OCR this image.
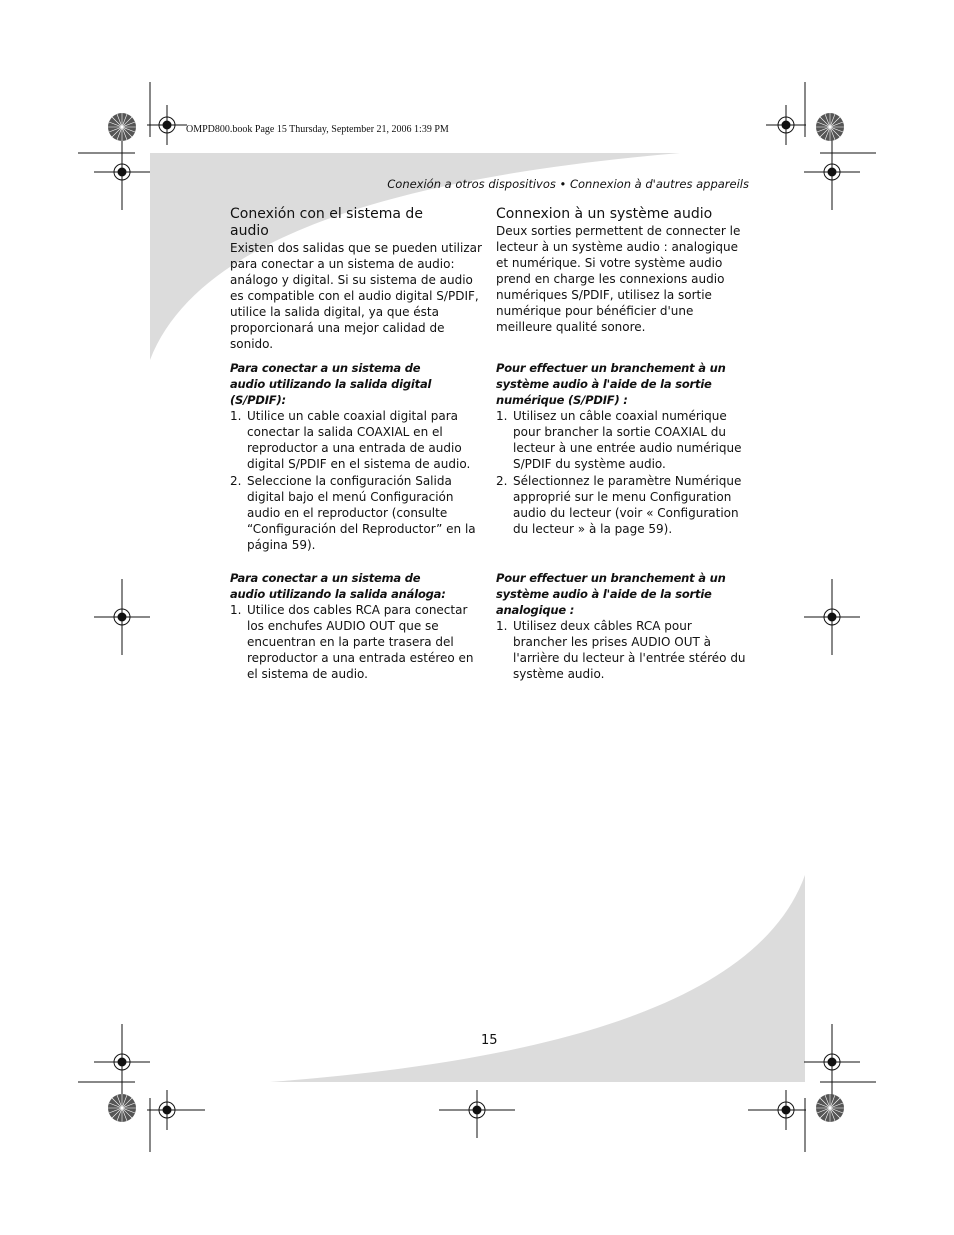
OMPD800.book Page 15 Thursday, September 21, 2006 1:39 PM
Conexión a otros dispositivos • Connexion à d'autres appareils
Conexión con el sistema de audio

Existen dos salidas que se pueden utilizar para conectar a un sistema de audio: análogo y digital. Si su sistema de audio es compatible con el audio digital S/PDIF, utilice la salida digital, ya que ésta proporcionará una mejor calidad de sonido.

Para conectar a un sistema de audio utilizando la salida digital (S/PDIF):

1. Utilice un cable coaxial digital para conectar la salida COAXIAL en el reproductor a una entrada de audio digital S/PDIF en el sistema de audio.
2. Seleccione la configuración Salida digital bajo el menú Configuración audio en el reproductor (consulte “Configuración del Reproductor” en la página 59).

Para conectar a un sistema de audio utilizando la salida análoga:

1. Utilice dos cables RCA para conectar los enchufes AUDIO OUT que se encuentran en la parte trasera del reproductor a una entrada estéreo en el sistema de audio.
Connexion à un système audio

Deux sorties permettent de connecter le lecteur à un système audio : analogique et numérique. Si votre système audio prend en charge les connexions audio numériques S/PDIF, utilisez la sortie numérique pour bénéficier d'une meilleure qualité sonore.

Pour effectuer un branchement à un système audio à l'aide de la sortie numérique (S/PDIF) :

1. Utilisez un câble coaxial numérique pour brancher la sortie COAXIAL du lecteur à une entrée audio numérique S/PDIF du système audio.
2. Sélectionnez le paramètre Numérique approprié sur le menu Configuration audio du lecteur (voir « Configuration du lecteur » à la page 59).

Pour effectuer un branchement à un système audio à l'aide de la sortie analogique :

1. Utilisez deux câbles RCA pour brancher les prises AUDIO OUT à l'arrière du lecteur à l'entrée stéréo du système audio.
15
